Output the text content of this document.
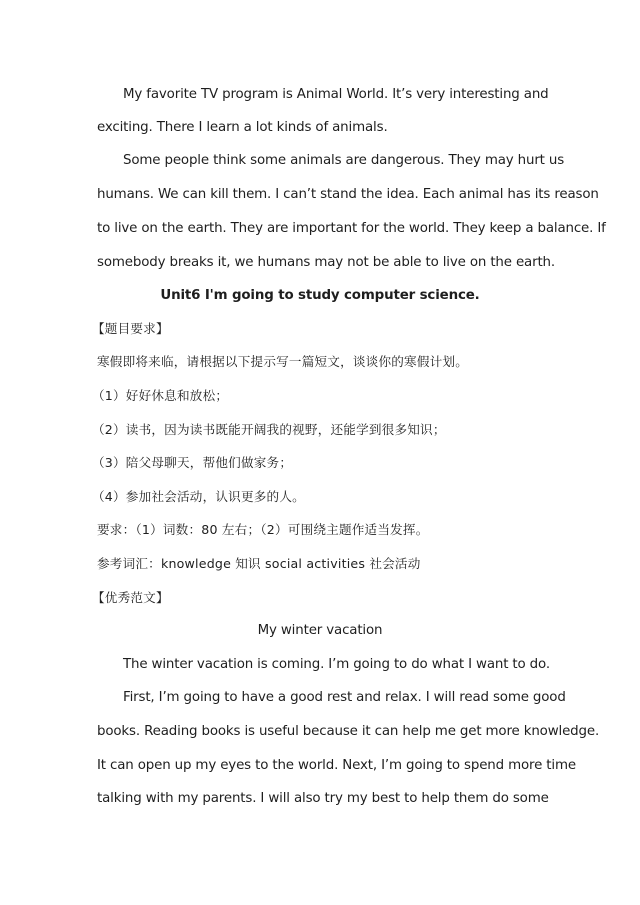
My favorite TV program is Animal World. It’s very interesting and
exciting. There I learn a lot kinds of animals.
Some people think some animals are dangerous. They may hurt us
humans. We can kill them. I can’t stand the idea. Each animal has its reason
to live on the earth. They are important for the world. They keep a balance. If
somebody breaks it, we humans may not be able to live on the earth.
Unit6 I'm going to study computer science.
【题目要求】
寒假即将来临，请根据以下提示写一篇短文，谈谈你的寒假计划。
（1）好好休息和放松；
（2）读书，因为读书既能开阔我的视野，还能学到很多知识；
（3）陪父母聊天，帮他们做家务；
（4）参加社会活动，认识更多的人。
要求：（1）词数：80 左右；（2）可围绕主题作适当发挥。
参考词汇：knowledge 知识 social activities 社会活动
【优秀范文】
My winter vacation
The winter vacation is coming. I’m going to do what I want to do.
First, I’m going to have a good rest and relax. I will read some good
books. Reading books is useful because it can help me get more knowledge.
It can open up my eyes to the world. Next, I’m going to spend more time
talking with my parents. I will also try my best to help them do some
